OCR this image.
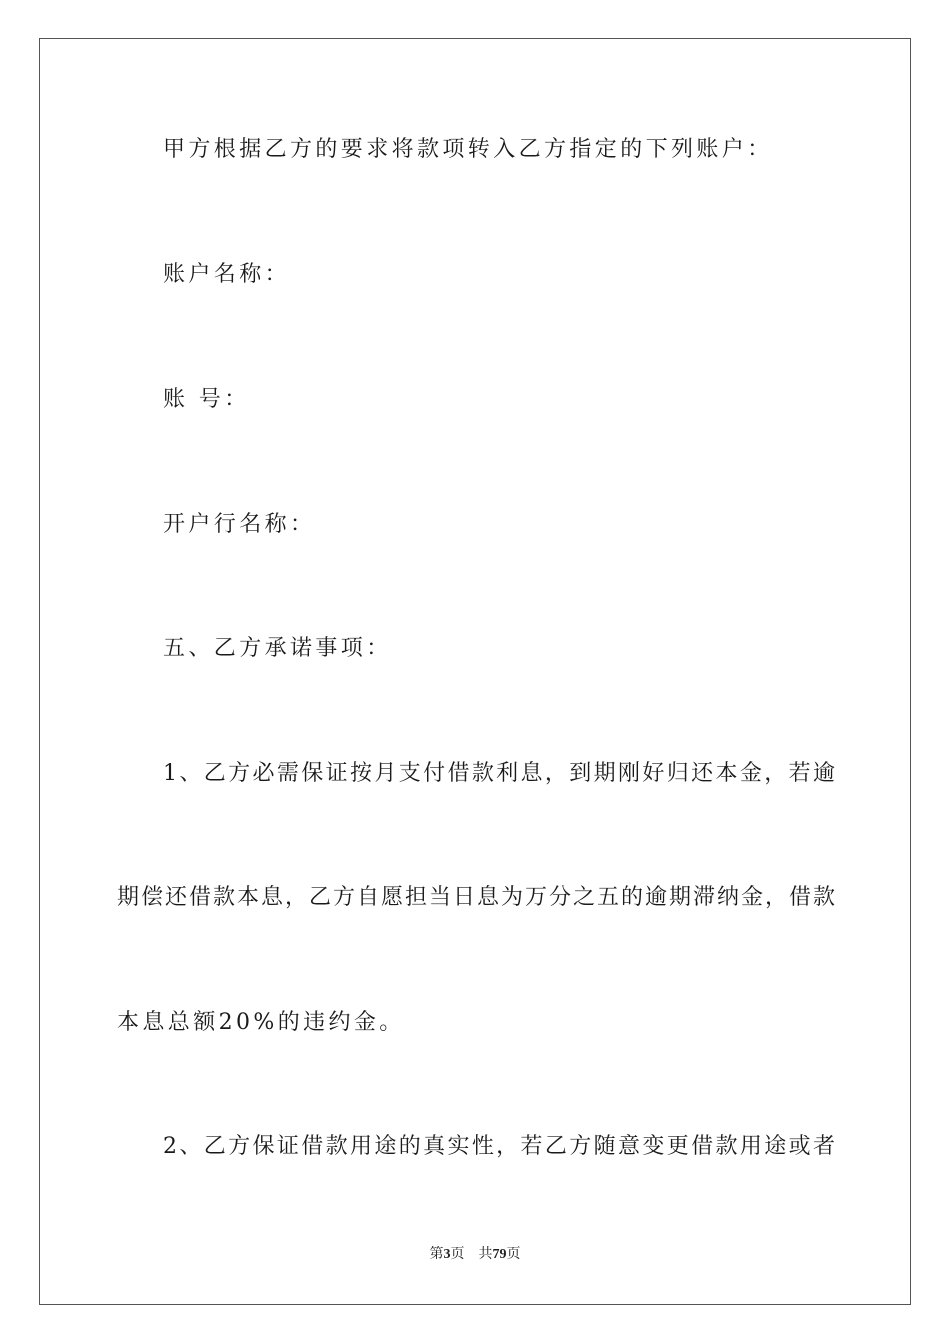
甲方根据乙方的要求将款项转入乙方指定的下列账户：
账户名称：
账 号：
开户行名称：
五、乙方承诺事项：
1、乙方必需保证按月支付借款利息，到期刚好归还本金，若逾
期偿还借款本息，乙方自愿担当日息为万分之五的逾期滞纳金，借款
本息总额20%的违约金。
2、乙方保证借款用途的真实性，若乙方随意变更借款用途或者
第3页 共79页
